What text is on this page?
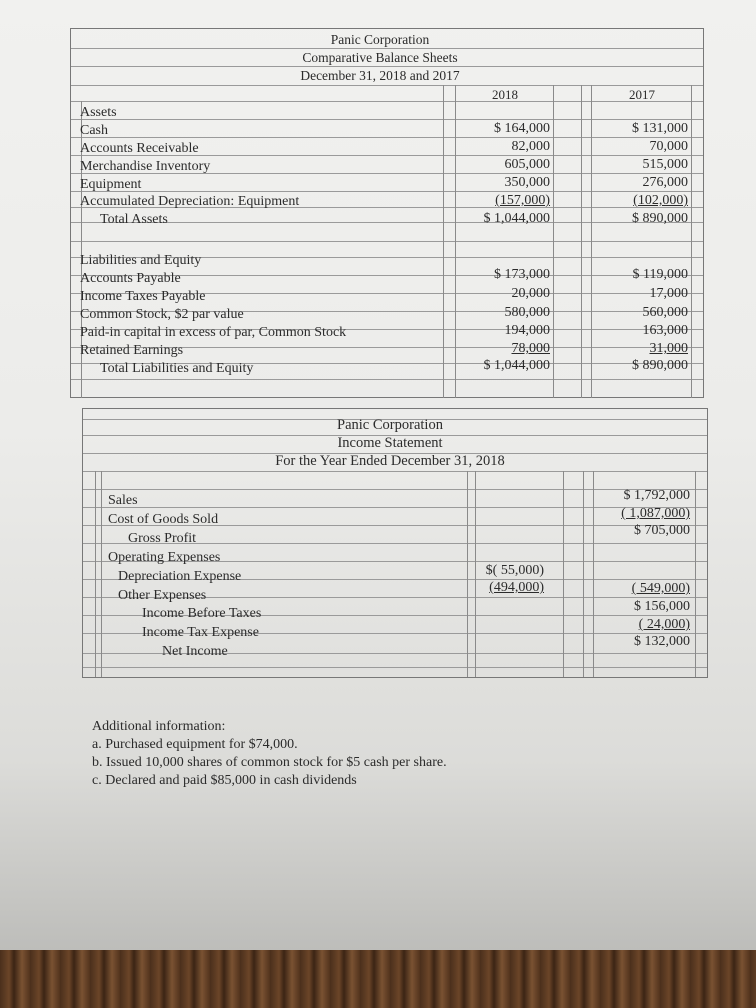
Panic Corporation
Comparative Balance Sheets
December 31, 2018 and 2017
2018	2017
Assets
Cash
Accounts Receivable
Merchandise Inventory
Equipment
Accumulated Depreciation: Equipment
Total Assets
$ 164,000
82,000
605,000
350,000
(157,000)
$ 1,044,000
$ 131,000
70,000
515,000
276,000
(102,000)
$ 890,000
Liabilities and Equity
Accounts Payable
Income Taxes Payable
Common Stock, $2 par value
Paid-in capital in excess of par, Common Stock
Retained Earnings
Total Liabilities and Equity
$ 173,000
20,000
580,000
194,000
78,000
$ 1,044,000
$ 119,000
17,000
560,000
163,000
31,000
$ 890,000
Panic Corporation
Income Statement
For the Year Ended December 31, 2018
Sales
Cost of Goods Sold
Gross Profit
Operating Expenses
Depreciation Expense
Other Expenses
Income Before Taxes
Income Tax Expense
Net Income
$( 55,000)
(494,000)
$ 1,792,000
( 1,087,000)
$ 705,000
( 549,000)
$ 156,000
( 24,000)
$ 132,000
Additional information:
a. Purchased equipment for $74,000.
b. Issued 10,000 shares of common stock for $5 cash per share.
c. Declared and paid $85,000 in cash dividends
